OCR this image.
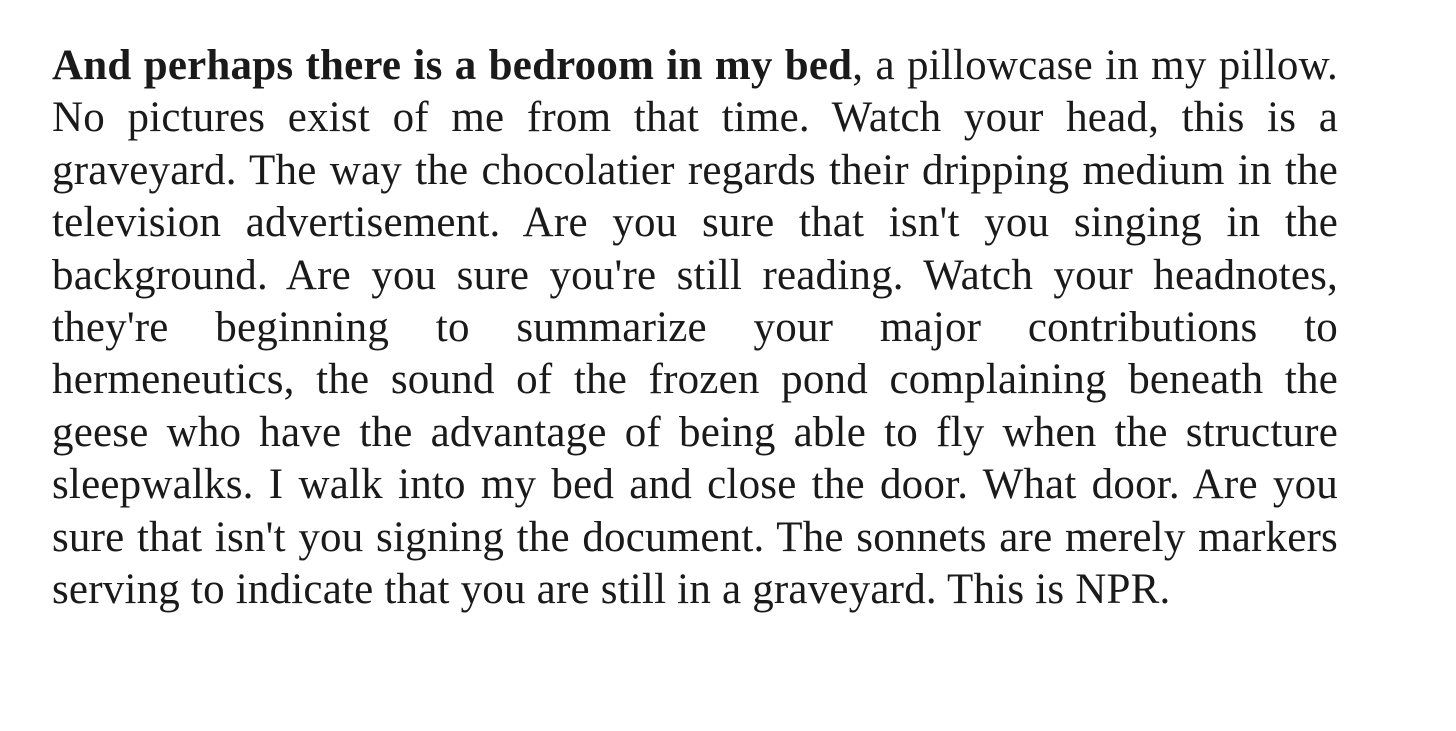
And perhaps there is a bedroom in my bed, a pillowcase in my pillow. No pictures exist of me from that time. Watch your head, this is a graveyard. The way the chocolatier regards their dripping medium in the television advertisement. Are you sure that isn't you singing in the background. Are you sure you're still reading. Watch your headnotes, they're beginning to summarize your major contributions to hermeneutics, the sound of the frozen pond complaining beneath the geese who have the advantage of being able to fly when the structure sleepwalks. I walk into my bed and close the door. What door. Are you sure that isn't you signing the document. The sonnets are merely markers serving to indicate that you are still in a graveyard. This is NPR.
